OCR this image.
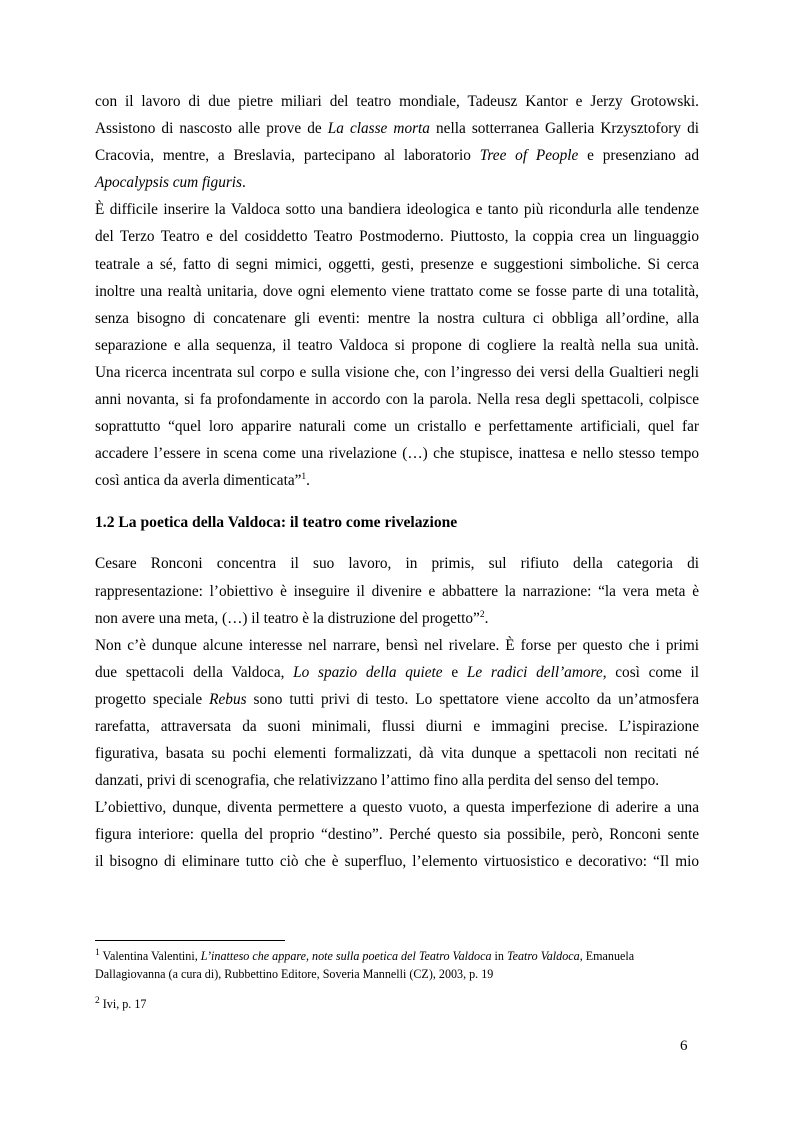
con il lavoro di due pietre miliari del teatro mondiale, Tadeusz Kantor e Jerzy Grotowski.
Assistono di nascosto alle prove de La classe morta nella sotterranea Galleria Krzysztofory di
Cracovia, mentre, a Breslavia, partecipano al laboratorio Tree of People e presenziano ad
Apocalypsis cum figuris.

È difficile inserire la Valdoca sotto una bandiera ideologica e tanto più ricondurla alle tendenze
del Terzo Teatro e del cosiddetto Teatro Postmoderno. Piuttosto, la coppia crea un linguaggio
teatrale a sé, fatto di segni mimici, oggetti, gesti, presenze e suggestioni simboliche. Si cerca
inoltre una realtà unitaria, dove ogni elemento viene trattato come se fosse parte di una totalità,
senza bisogno di concatenare gli eventi: mentre la nostra cultura ci obbliga all’ordine, alla
separazione e alla sequenza, il teatro Valdoca si propone di cogliere la realtà nella sua unità.
Una ricerca incentrata sul corpo e sulla visione che, con l’ingresso dei versi della Gualtieri negli
anni novanta, si fa profondamente in accordo con la parola. Nella resa degli spettacoli, colpisce
soprattutto “quel loro apparire naturali come un cristallo e perfettamente artificiali, quel far
accadere l’essere in scena come una rivelazione (…) che stupisce, inattesa e nello stesso tempo
così antica da averla dimenticata”$^1$.

1.2 La poetica della Valdoca: il teatro come rivelazione

Cesare Ronconi concentra il suo lavoro, in primis, sul rifiuto della categoria di
rappresentazione: l’obiettivo è inseguire il divenire e abbattere la narrazione: “la vera meta è
non avere una meta, (…) il teatro è la distruzione del progetto”$^2$.

Non c’è dunque alcune interesse nel narrare, bensì nel rivelare. È forse per questo che i primi
due spettacoli della Valdoca, Lo spazio della quiete e Le radici dell’amore, così come il
progetto speciale Rebus sono tutti privi di testo. Lo spettatore viene accolto da un’atmosfera
rarefatta, attraversata da suoni minimali, flussi diurni e immagini precise. L’ispirazione
figurativa, basata su pochi elementi formalizzati, dà vita dunque a spettacoli non recitati né
danzati, privi di scenografia, che relativizzano l’attimo fino alla perdita del senso del tempo.

L’obiettivo, dunque, diventa permettere a questo vuoto, a questa imperfezione di aderire a una
figura interiore: quella del proprio “destino”. Perché questo sia possibile, però, Ronconi sente
il bisogno di eliminare tutto ciò che è superfluo, l’elemento virtuosistico e decorativo: “Il mio

$^1$ Valentina Valentini, L’inatteso che appare, note sulla poetica del Teatro Valdoca in Teatro Valdoca, Emanuela
Dallagiovanna (a cura di), Rubbettino Editore, Soveria Mannelli (CZ), 2003, p. 19
$^2$ Ivi, p. 17
6
